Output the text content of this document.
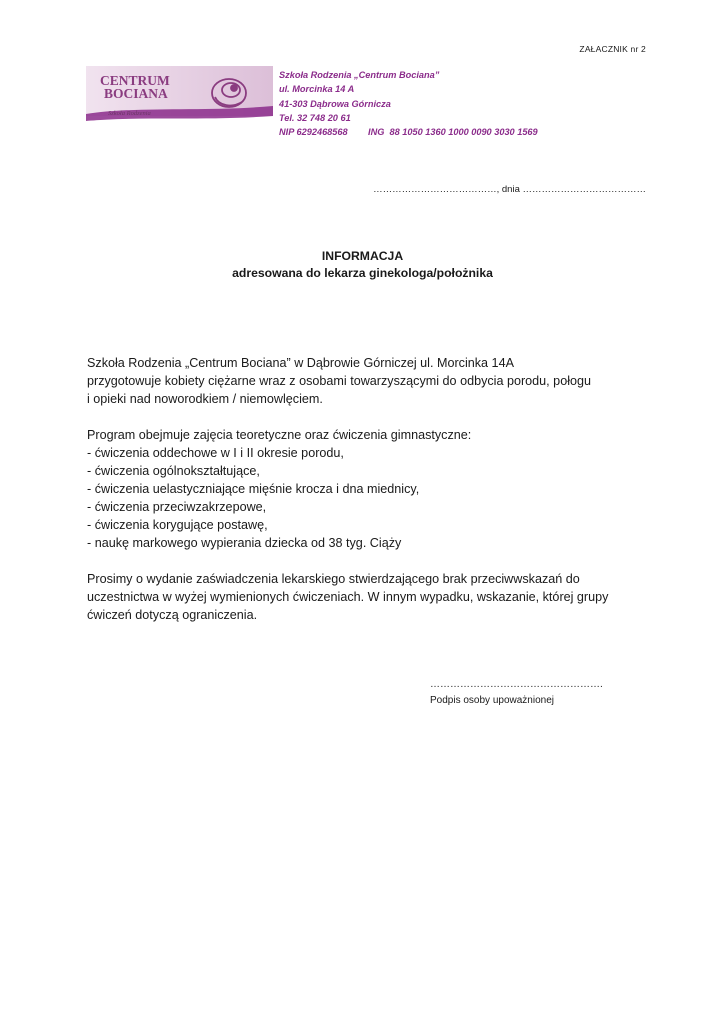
ZAŁACZNIK nr 2
CENTRUM
BOCIANA
Szkoła Rodzenia
Szkoła Rodzenia „Centrum Bociana”
ul. Morcinka 14 A
41-303 Dąbrowa Górnicza
Tel. 32 748 20 61
NIP 6292468568        ING  88 1050 1360 1000 0090 3030 1569
…………………………………, dnia …………………………………
INFORMACJA
adresowana do lekarza ginekologa/położnika

Szkoła Rodzenia „Centrum Bociana” w Dąbrowie Górniczej ul. Morcinka 14A
przygotowuje kobiety ciężarne wraz z osobami towarzyszącymi do odbycia porodu, połogu
i opieki nad noworodkiem / niemowlęciem.

Program obejmuje zajęcia teoretyczne oraz ćwiczenia gimnastyczne:
- ćwiczenia oddechowe w I i II okresie porodu,
- ćwiczenia ogólnokształtujące,
- ćwiczenia uelastyczniające mięśnie krocza i dna miednicy,
- ćwiczenia przeciwzakrzepowe,
- ćwiczenia korygujące postawę,
- naukę markowego wypierania dziecka od 38 tyg. Ciąży

Prosimy o wydanie zaświadczenia lekarskiego stwierdzającego brak przeciwwskazań do
uczestnictwa w wyżej wymienionych ćwiczeniach. W innym wypadku, wskazanie, której grupy
ćwiczeń dotyczą ograniczenia.

…………………………………………….
Podpis osoby upoważnionej
